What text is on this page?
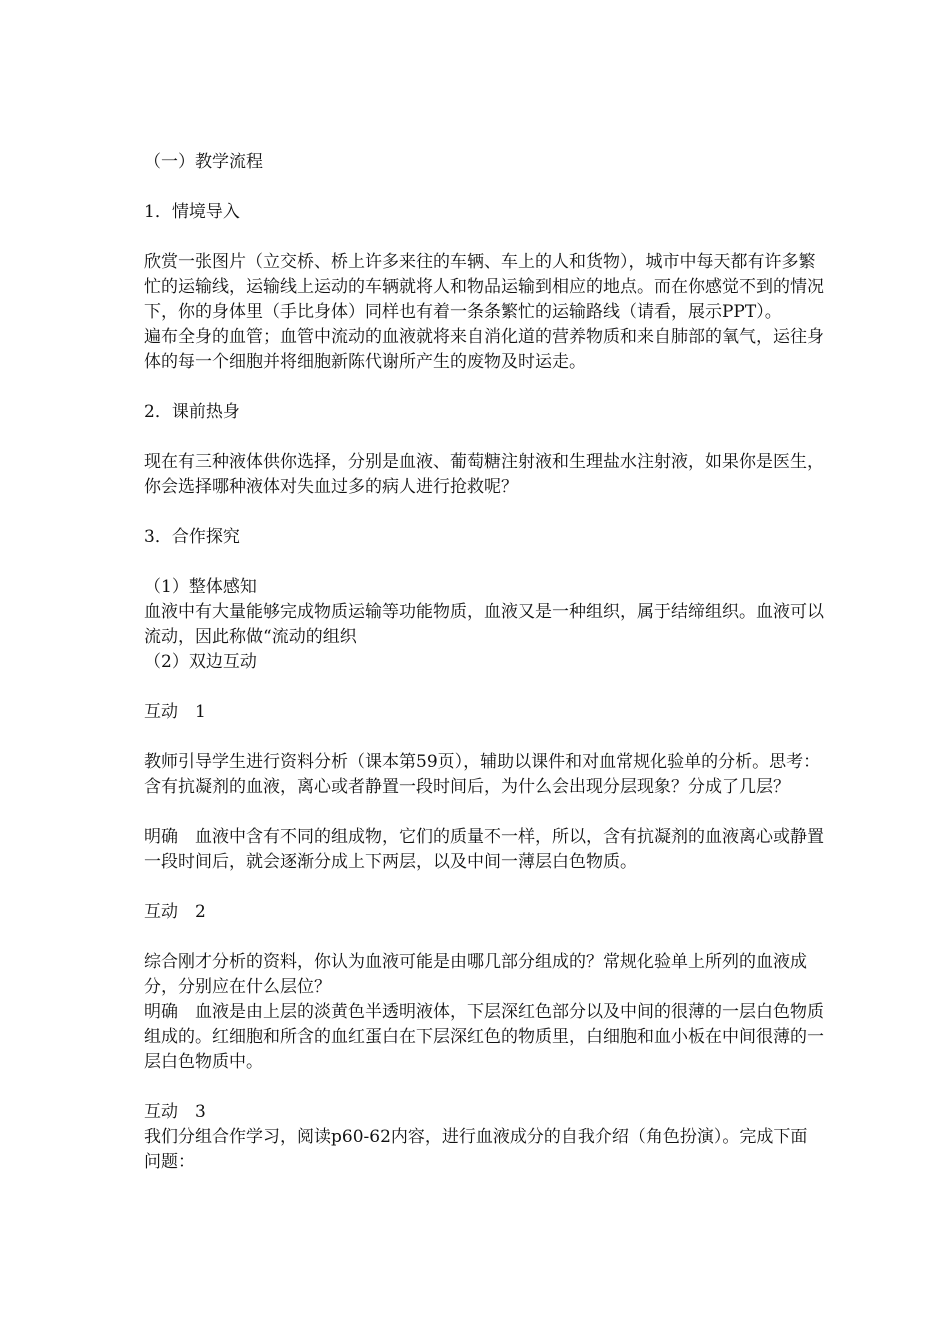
（一）教学流程

1．情境导入

欣赏一张图片（立交桥、桥上许多来往的车辆、车上的人和货物），城市中每天都有许多繁忙的运输线，运输线上运动的车辆就将人和物品运输到相应的地点。而在你感觉不到的情况下，你的身体里（手比身体）同样也有着一条条繁忙的运输路线（请看，展示PPT）。

遍布全身的血管；血管中流动的血液就将来自消化道的营养物质和来自肺部的氧气，运往身体的每一个细胞并将细胞新陈代谢所产生的废物及时运走。

2．课前热身

现在有三种液体供你选择，分别是血液、葡萄糖注射液和生理盐水注射液，如果你是医生，你会选择哪种液体对失血过多的病人进行抢救呢？

3．合作探究

（1）整体感知

血液中有大量能够完成物质运输等功能物质，血液又是一种组织，属于结缔组织。血液可以流动，因此称做“流动的组织

（2）双边互动

互动　1

教师引导学生进行资料分析（课本第59页），辅助以课件和对血常规化验单的分析。思考：含有抗凝剂的血液，离心或者静置一段时间后，为什么会出现分层现象？分成了几层？

明确　血液中含有不同的组成物，它们的质量不一样，所以，含有抗凝剂的血液离心或静置一段时间后，就会逐渐分成上下两层，以及中间一薄层白色物质。

互动　2

综合刚才分析的资料，你认为血液可能是由哪几部分组成的？常规化验单上所列的血液成分，分别应在什么层位？

明确　血液是由上层的淡黄色半透明液体，下层深红色部分以及中间的很薄的一层白色物质组成的。红细胞和所含的血红蛋白在下层深红色的物质里，白细胞和血小板在中间很薄的一层白色物质中。

互动　3

我们分组合作学习，阅读p60-62内容，进行血液成分的自我介绍（角色扮演）。完成下面问题：
